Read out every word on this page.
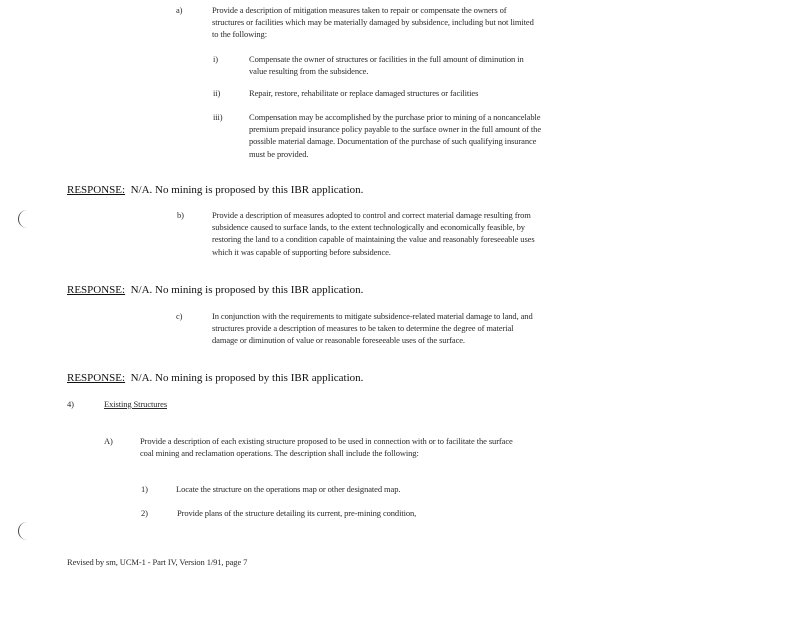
a)	Provide a description of mitigation measures taken to repair or compensate the owners of structures or facilities which may be materially damaged by subsidence, including but not limited to the following:
i)	Compensate the owner of structures or facilities in the full amount of diminution in value resulting from the subsidence.
ii)	Repair, restore, rehabilitate or replace damaged structures or facilities
iii)	Compensation may be accomplished by the purchase prior to mining of a noncancelable premium prepaid insurance policy payable to the surface owner in the full amount of the possible material damage. Documentation of the purchase of such qualifying insurance must be provided.
RESPONSE: N/A. No mining is proposed by this IBR application.
b)	Provide a description of measures adopted to control and correct material damage resulting from subsidence caused to surface lands, to the extent technologically and economically feasible, by restoring the land to a condition capable of maintaining the value and reasonably foreseeable uses which it was capable of supporting before subsidence.
RESPONSE: N/A. No mining is proposed by this IBR application.
c)	In conjunction with the requirements to mitigate subsidence-related material damage to land, and structures provide a description of measures to be taken to determine the degree of material damage or diminution of value or reasonable foreseeable uses of the surface.
RESPONSE: N/A. No mining is proposed by this IBR application.
4)	Existing Structures
A)	Provide a description of each existing structure proposed to be used in connection with or to facilitate the surface coal mining and reclamation operations. The description shall include the following:
1)	Locate the structure on the operations map or other designated map.
2)	Provide plans of the structure detailing its current, pre-mining condition,
Revised by sm, UCM-1 - Part IV, Version 1/91, page 7
